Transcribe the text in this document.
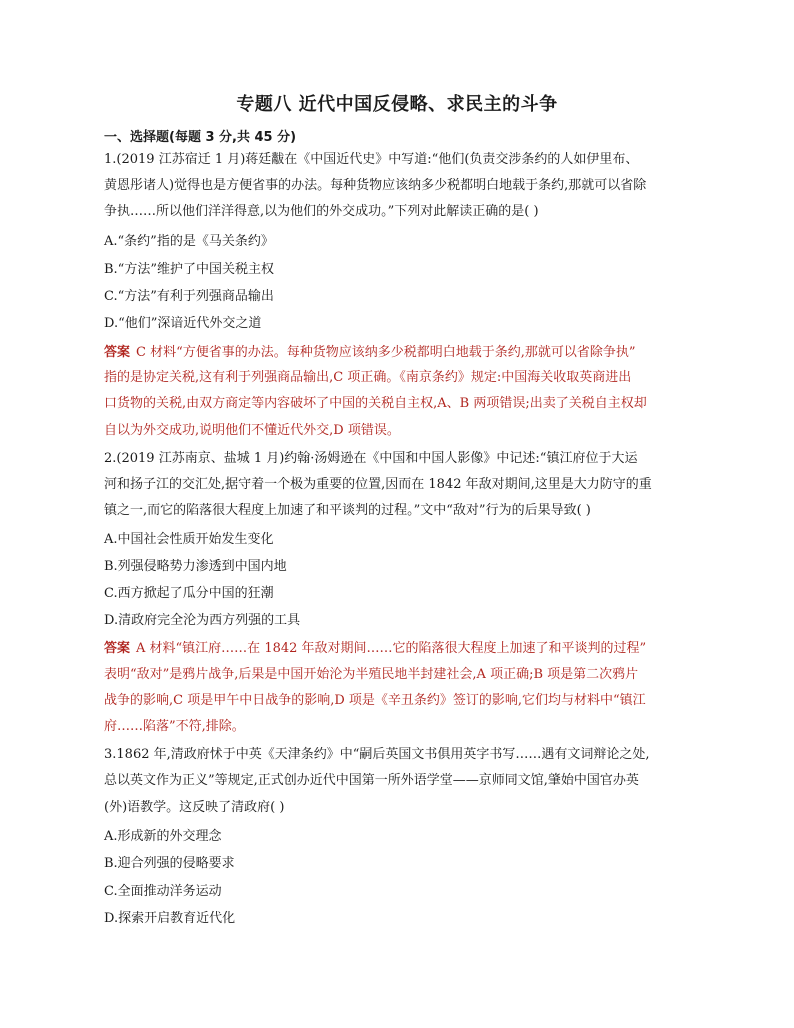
专题八 近代中国反侵略、求民主的斗争
一、选择题(每题 3 分,共 45 分)
1.(2019 江苏宿迁 1 月)蒋廷黻在《中国近代史》中写道:“他们(负责交涉条约的人如伊里布、
黄恩彤诸人)觉得也是方便省事的办法。每种货物应该纳多少税都明白地载于条约,那就可以省除
争执……所以他们洋洋得意,以为他们的外交成功。”下列对此解读正确的是( )
A.“条约”指的是《马关条约》
B.“方法”维护了中国关税主权
C.“方法”有利于列强商品输出
D.“他们”深谙近代外交之道
答案 C 材料“方便省事的办法。每种货物应该纳多少税都明白地载于条约,那就可以省除争执”
指的是协定关税,这有利于列强商品输出,C 项正确。《南京条约》规定:中国海关收取英商进出
口货物的关税,由双方商定等内容破坏了中国的关税自主权,A、B 两项错误;出卖了关税自主权却
自以为外交成功,说明他们不懂近代外交,D 项错误。
2.(2019 江苏南京、盐城 1 月)约翰·汤姆逊在《中国和中国人影像》中记述:“镇江府位于大运
河和扬子江的交汇处,据守着一个极为重要的位置,因而在 1842 年敌对期间,这里是大力防守的重
镇之一,而它的陷落很大程度上加速了和平谈判的过程。”文中“敌对”行为的后果导致( )
A.中国社会性质开始发生变化
B.列强侵略势力渗透到中国内地
C.西方掀起了瓜分中国的狂潮
D.清政府完全沦为西方列强的工具
答案 A 材料“镇江府……在 1842 年敌对期间……它的陷落很大程度上加速了和平谈判的过程”
表明“敌对”是鸦片战争,后果是中国开始沦为半殖民地半封建社会,A 项正确;B 项是第二次鸦片
战争的影响,C 项是甲午中日战争的影响,D 项是《辛丑条约》签订的影响,它们均与材料中“镇江
府……陷落”不符,排除。
3.1862 年,清政府怵于中英《天津条约》中“嗣后英国文书俱用英字书写……遇有文词辩论之处,
总以英文作为正义”等规定,正式创办近代中国第一所外语学堂——京师同文馆,肇始中国官办英
(外)语教学。这反映了清政府( )
A.形成新的外交理念
B.迎合列强的侵略要求
C.全面推动洋务运动
D.探索开启教育近代化
